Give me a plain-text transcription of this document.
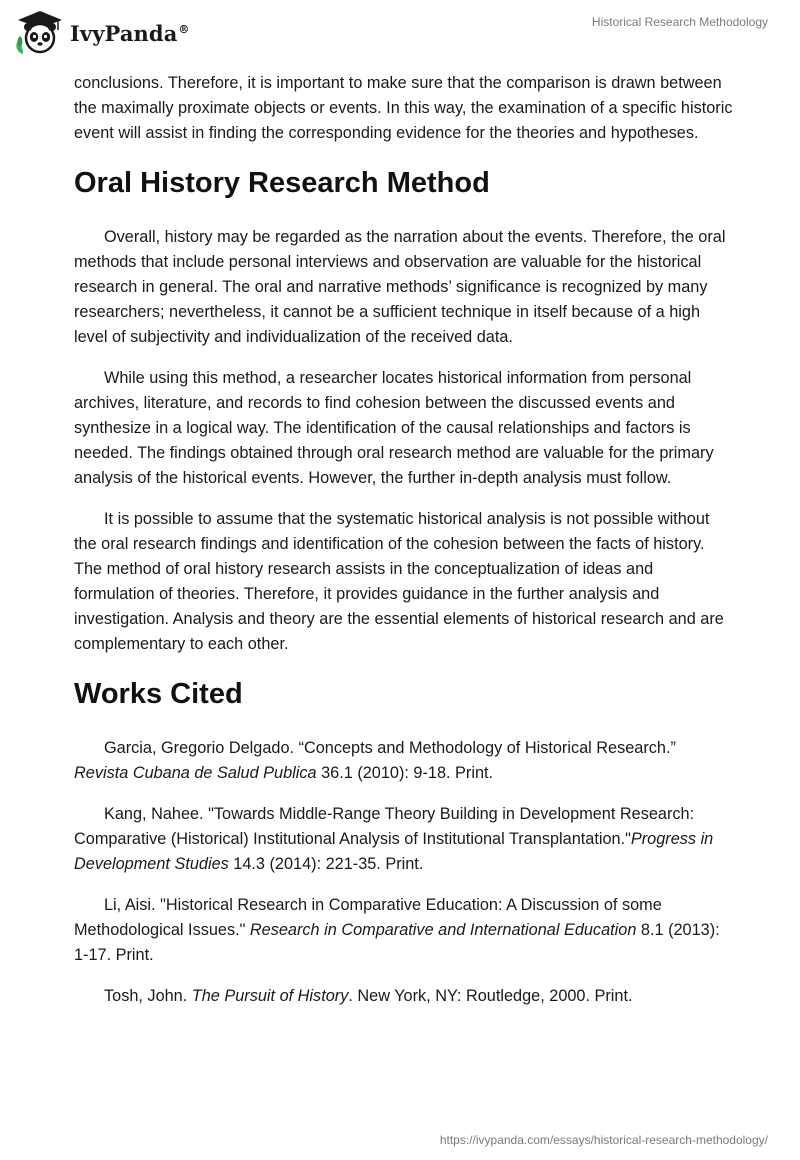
IvyPanda®	Historical Research Methodology

conclusions. Therefore, it is important to make sure that the comparison is drawn between the maximally proximate objects or events. In this way, the examination of a specific historic event will assist in finding the corresponding evidence for the theories and hypotheses.

Oral History Research Method

Overall, history may be regarded as the narration about the events. Therefore, the oral methods that include personal interviews and observation are valuable for the historical research in general. The oral and narrative methods’ significance is recognized by many researchers; nevertheless, it cannot be a sufficient technique in itself because of a high level of subjectivity and individualization of the received data.

While using this method, a researcher locates historical information from personal archives, literature, and records to find cohesion between the discussed events and synthesize in a logical way. The identification of the causal relationships and factors is needed. The findings obtained through oral research method are valuable for the primary analysis of the historical events. However, the further in-depth analysis must follow.

It is possible to assume that the systematic historical analysis is not possible without the oral research findings and identification of the cohesion between the facts of history. The method of oral history research assists in the conceptualization of ideas and formulation of theories. Therefore, it provides guidance in the further analysis and investigation. Analysis and theory are the essential elements of historical research and are complementary to each other.

Works Cited

Garcia, Gregorio Delgado. “Concepts and Methodology of Historical Research.” Revista Cubana de Salud Publica 36.1 (2010): 9-18. Print.

Kang, Nahee. "Towards Middle-Range Theory Building in Development Research: Comparative (Historical) Institutional Analysis of Institutional Transplantation."Progress in Development Studies 14.3 (2014): 221-35. Print.

Li, Aisi. "Historical Research in Comparative Education: A Discussion of some Methodological Issues." Research in Comparative and International Education 8.1 (2013): 1-17. Print.

Tosh, John. The Pursuit of History. New York, NY: Routledge, 2000. Print.

https://ivypanda.com/essays/historical-research-methodology/
